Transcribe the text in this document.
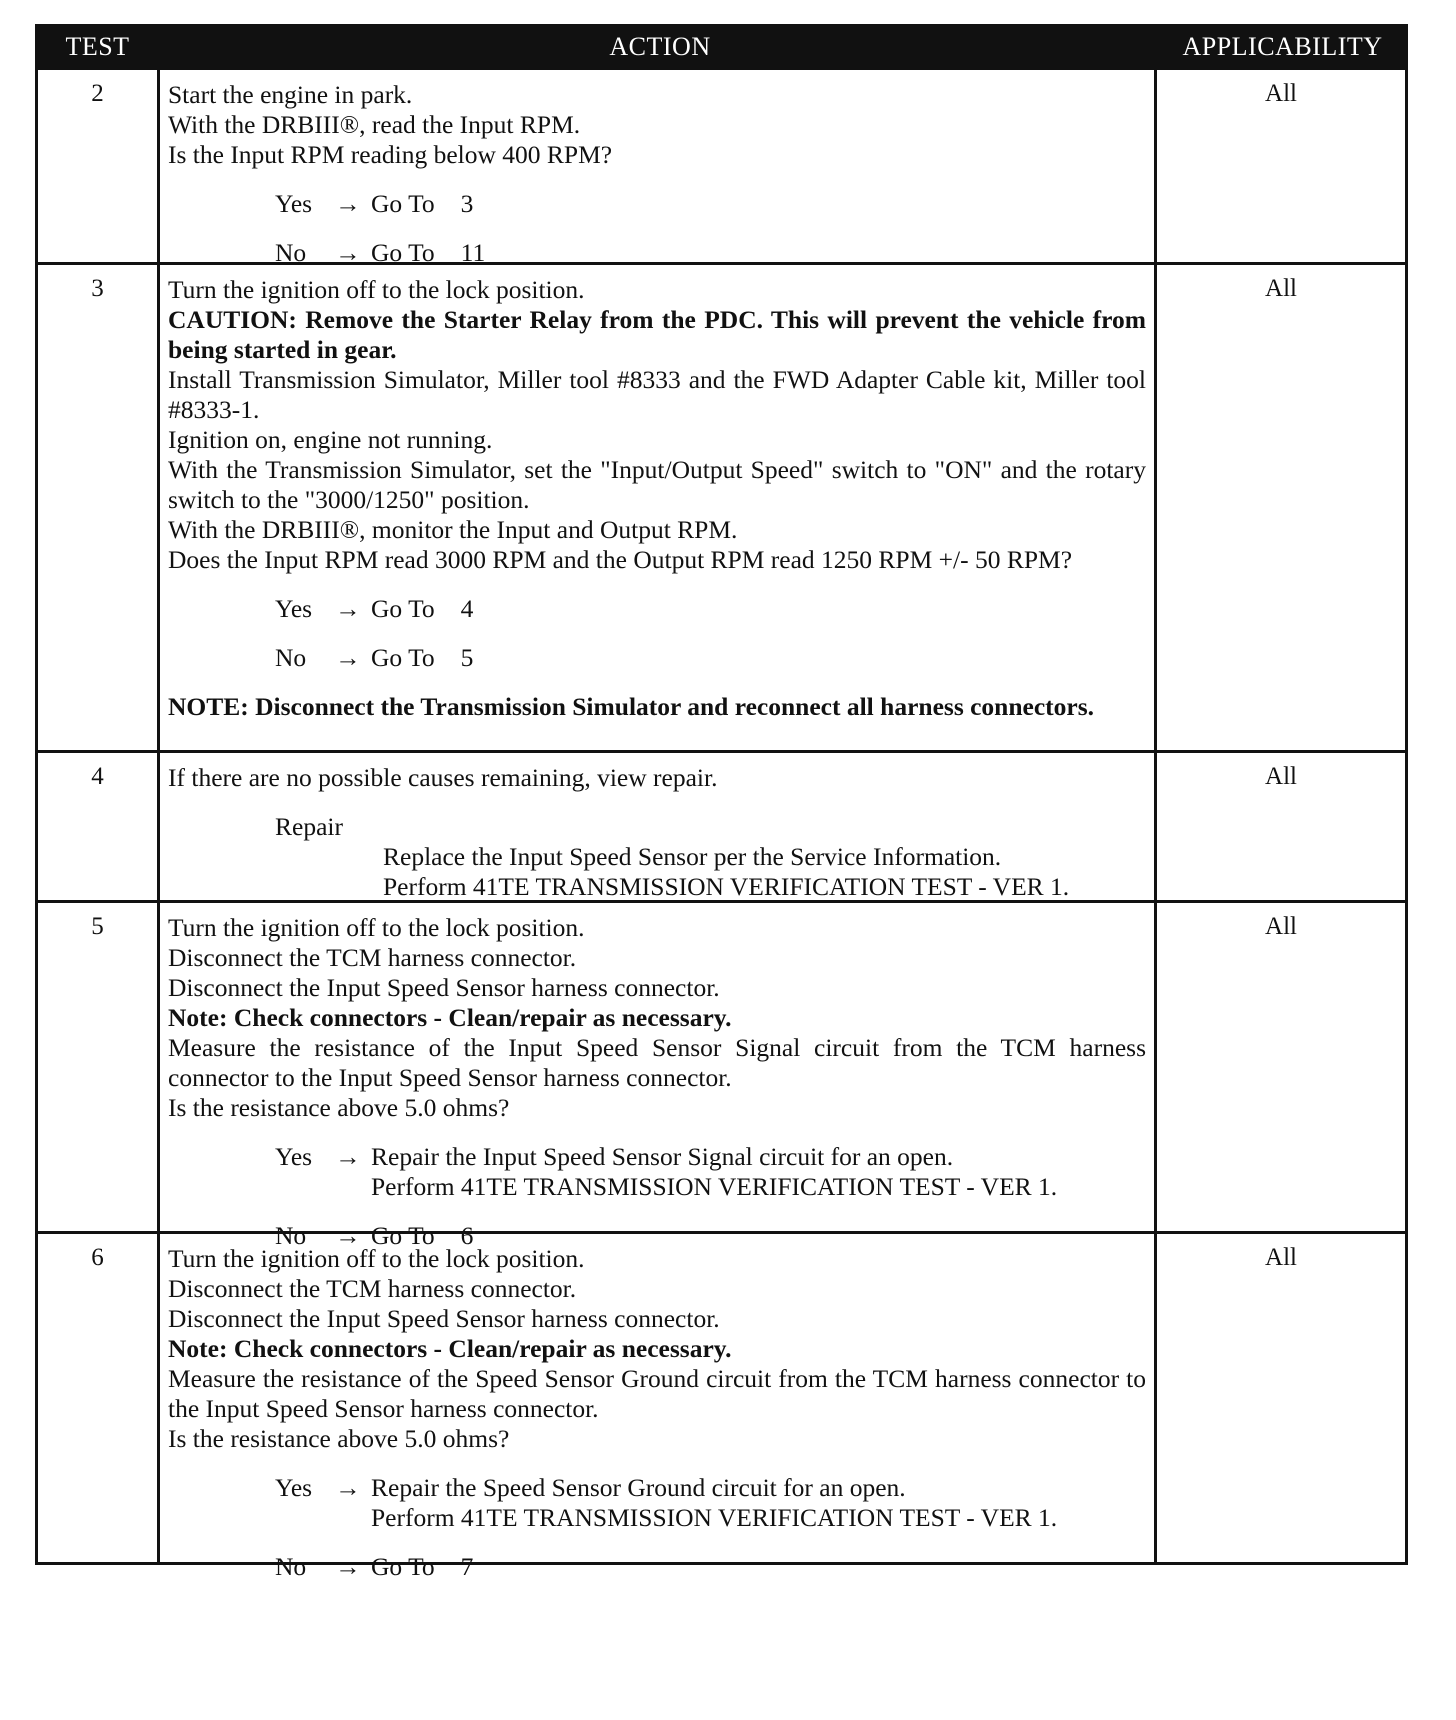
TEST	ACTION	APPLICABILITY
2	Start the engine in park.
With the DRBIII®, read the Input RPM.
Is the Input RPM reading below 400 RPM?
Yes → Go To 3
No	→ Go To 11
All
3	Turn the ignition off to the lock position.
CAUTION: Remove the Starter Relay from the PDC. This will prevent the vehicle from being started in gear.
Install Transmission Simulator, Miller tool #8333 and the FWD Adapter Cable kit, Miller tool #8333-1.
Ignition on, engine not running.
With the Transmission Simulator, set the "Input/Output Speed" switch to "ON" and the rotary switch to the "3000/1250" position.
With the DRBIII®, monitor the Input and Output RPM.
Does the Input RPM read 3000 RPM and the Output RPM read 1250 RPM +/- 50 RPM?
Yes → Go To 4
No	→ Go To 5
NOTE: Disconnect the Transmission Simulator and reconnect all harness connectors.
All
4	If there are no possible causes remaining, view repair.
Repair
Replace the Input Speed Sensor per the Service Information.
Perform 41TE TRANSMISSION VERIFICATION TEST - VER 1.
All
5	Turn the ignition off to the lock position.
Disconnect the TCM harness connector.
Disconnect the Input Speed Sensor harness connector.
Note: Check connectors - Clean/repair as necessary.
Measure the resistance of the Input Speed Sensor Signal circuit from the TCM harness connector to the Input Speed Sensor harness connector.
Is the resistance above 5.0 ohms?
Yes → Repair the Input Speed Sensor Signal circuit for an open.
Perform 41TE TRANSMISSION VERIFICATION TEST - VER 1.
No	→ Go To 6
All
6	Turn the ignition off to the lock position.
Disconnect the TCM harness connector.
Disconnect the Input Speed Sensor harness connector.
Note: Check connectors - Clean/repair as necessary.
Measure the resistance of the Speed Sensor Ground circuit from the TCM harness connector to the Input Speed Sensor harness connector.
Is the resistance above 5.0 ohms?
Yes → Repair the Speed Sensor Ground circuit for an open.
Perform 41TE TRANSMISSION VERIFICATION TEST - VER 1.
No	→ Go To 7
All
